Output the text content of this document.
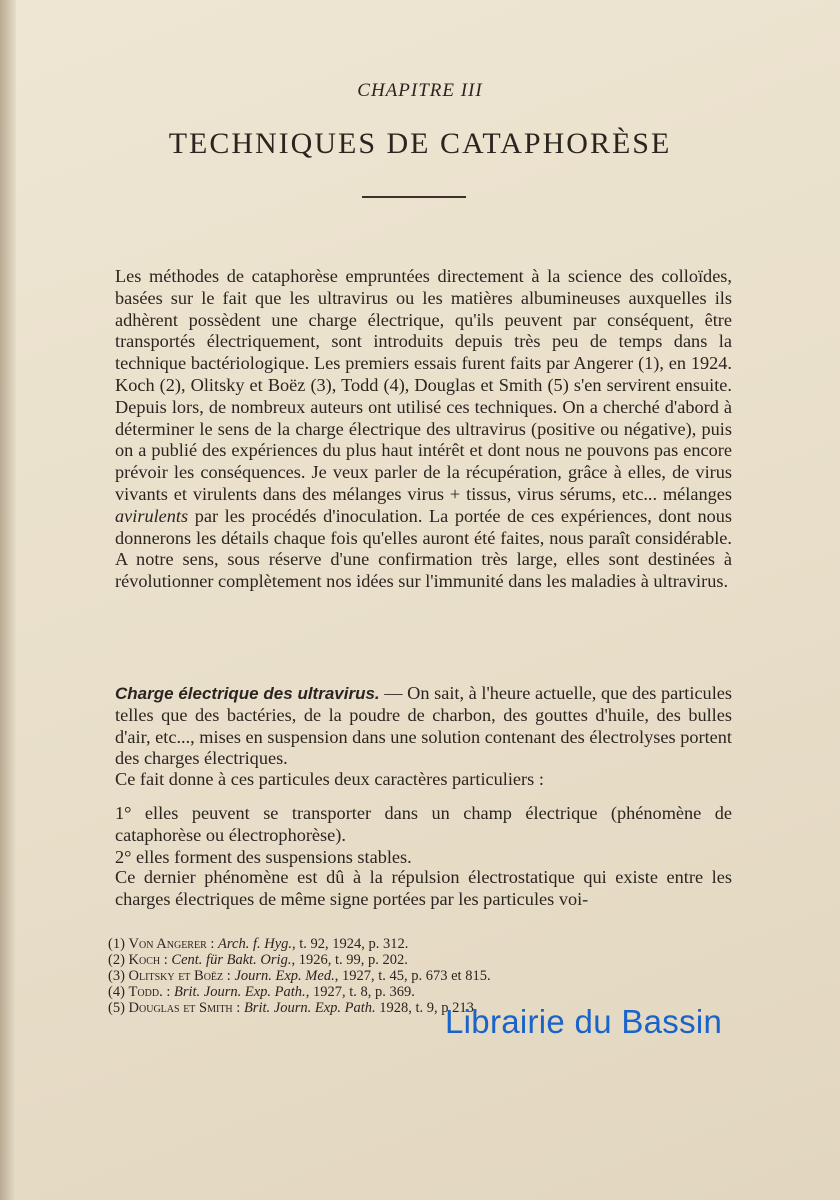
CHAPITRE III
TECHNIQUES DE CATAPHORÈSE

Les méthodes de cataphorèse empruntées directement à la science des colloïdes, basées sur le fait que les ultravirus ou les matières albumineuses auxquelles ils adhèrent possèdent une charge électrique, qu'ils peuvent par conséquent, être transportés électriquement, sont introduits depuis très peu de temps dans la technique bactériologique. Les premiers essais furent faits par Angerer (1), en 1924. Koch (2), Olitsky et Boëz (3), Todd (4), Douglas et Smith (5) s'en servirent ensuite. Depuis lors, de nombreux auteurs ont utilisé ces techniques. On a cherché d'abord à déterminer le sens de la charge électrique des ultravirus (positive ou négative), puis on a publié des expériences du plus haut intérêt et dont nous ne pouvons pas encore prévoir les conséquences. Je veux parler de la récupération, grâce à elles, de virus vivants et virulents dans des mélanges virus + tissus, virus sérums, etc... mélanges avirulents par les procédés d'inoculation. La portée de ces expériences, dont nous donnerons les détails chaque fois qu'elles auront été faites, nous paraît considérable. A notre sens, sous réserve d'une confirmation très large, elles sont destinées à révolutionner complètement nos idées sur l'immunité dans les maladies à ultravirus.

Charge électrique des ultravirus. — On sait, à l'heure actuelle, que des particules telles que des bactéries, de la poudre de charbon, des gouttes d'huile, des bulles d'air, etc..., mises en suspension dans une solution contenant des électrolyses portent des charges électriques.

Ce fait donne à ces particules deux caractères particuliers :

1° elles peuvent se transporter dans un champ électrique (phénomène de cataphorèse ou électrophorèse).

2° elles forment des suspensions stables.

Ce dernier phénomène est dû à la répulsion électrostatique qui existe entre les charges électriques de même signe portées par les particules voi-

(1) Von Angerer : Arch. f. Hyg., t. 92, 1924, p. 312.
(2) Koch : Cent. für Bakt. Orig., 1926, t. 99, p. 202.
(3) Olitsky et Boëz : Journ. Exp. Med., 1927, t. 45, p. 673 et 815.
(4) Todd. : Brit. Journ. Exp. Path., 1927, t. 8, p. 369.
(5) Douglas et Smith : Brit. Journ. Exp. Path. 1928, t. 9, p 213.
Librairie du Bassin
